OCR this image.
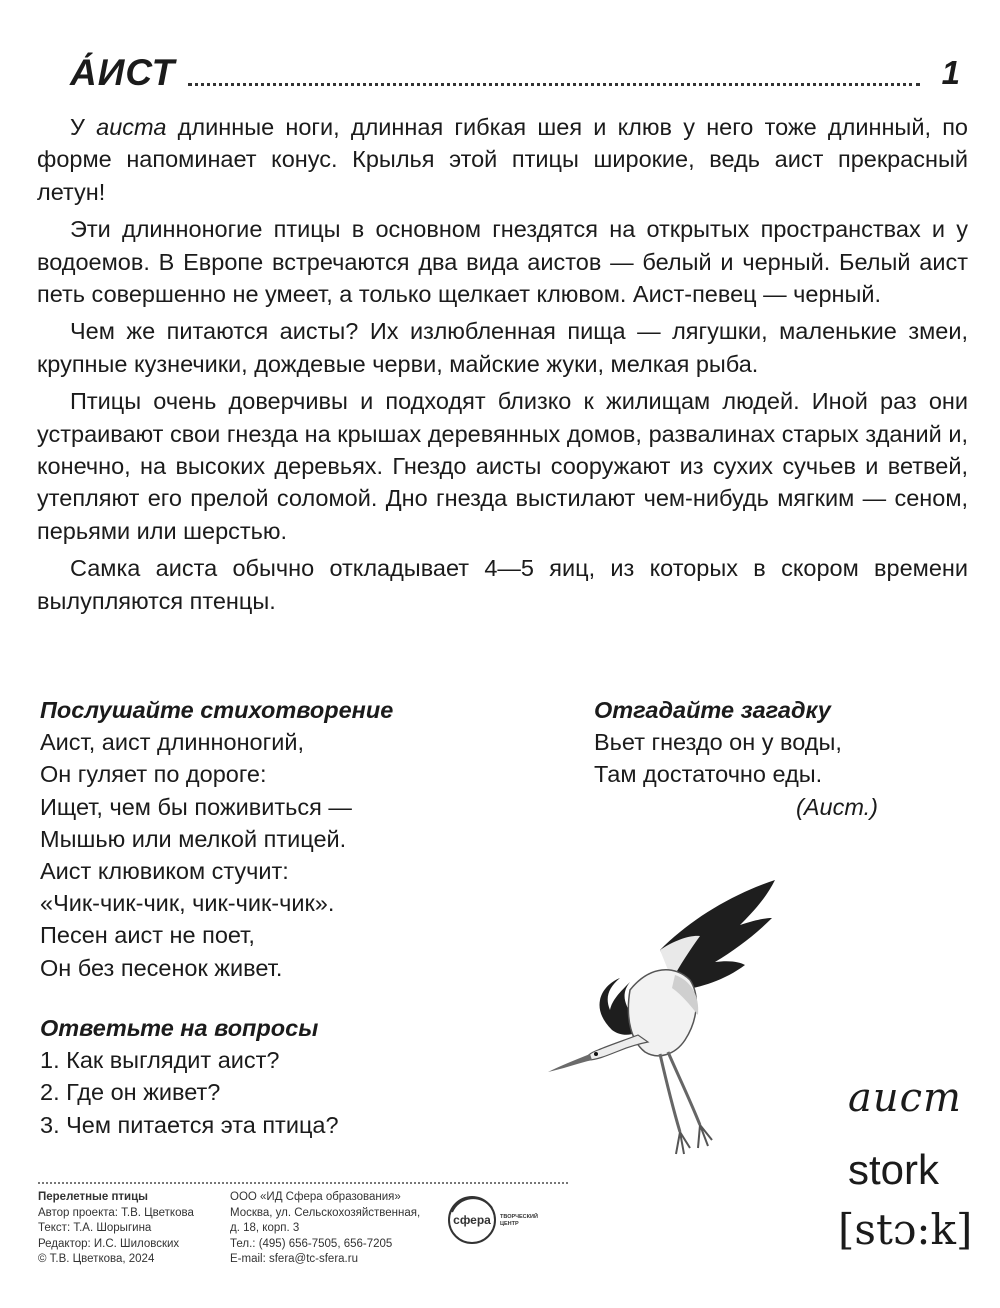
А́ИСТ	1

У аиста длинные ноги, длинная гибкая шея и клюв у него тоже длинный, по форме напоминает конус. Крылья этой птицы широкие, ведь аист прекрасный летун!

Эти длинноногие птицы в основном гнездятся на открытых пространствах и у водоемов. В Европе встречаются два вида аистов — белый и черный. Белый аист петь совершенно не умеет, а только щелкает клювом. Аист-певец — черный.

Чем же питаются аисты? Их излюбленная пища — лягушки, маленькие змеи, крупные кузнечики, дождевые черви, майские жуки, мелкая рыба.

Птицы очень доверчивы и подходят близко к жилищам людей. Иной раз они устраивают свои гнезда на крышах деревянных домов, развалинах старых зданий и, конечно, на высоких деревьях. Гнездо аисты сооружают из сухих сучьев и ветвей, утепляют его прелой соломой. Дно гнезда выстилают чем-нибудь мягким — сеном, перьями или шерстью.

Самка аиста обычно откладывает 4—5 яиц, из которых в скором времени вылупляются птенцы.

Послушайте стихотворение
Аист, аист длинноногий,
Он гуляет по дороге:
Ищет, чем бы поживиться —
Мышью или мелкой птицей.
Аист клювиком стучит:
«Чик-чик-чик, чик-чик-чик».
Песен аист не поет,
Он без песенок живет.
Отгадайте загадку
Вьет гнездо он у воды,
Там достаточно еды.
(Аист.)
Ответьте на вопросы
1. Как выглядит аист?
2. Где он живет?
3. Чем питается эта птица?
аист
stork
[stɔ:k]
Перелетные птицы
Автор проекта: Т.В. Цветкова
Текст: Т.А. Шорыгина
Редактор: И.С. Шиловских
© Т.В. Цветкова, 2024
ООО «ИД Сфера образования»
Москва, ул. Сельскохозяйственная,
д. 18, корп. 3
Тел.: (495) 656-7505, 656-7205
E-mail: sfera@tc-sfera.ru
сфера ТВОРЧЕСКИЙ
ЦЕНТР
